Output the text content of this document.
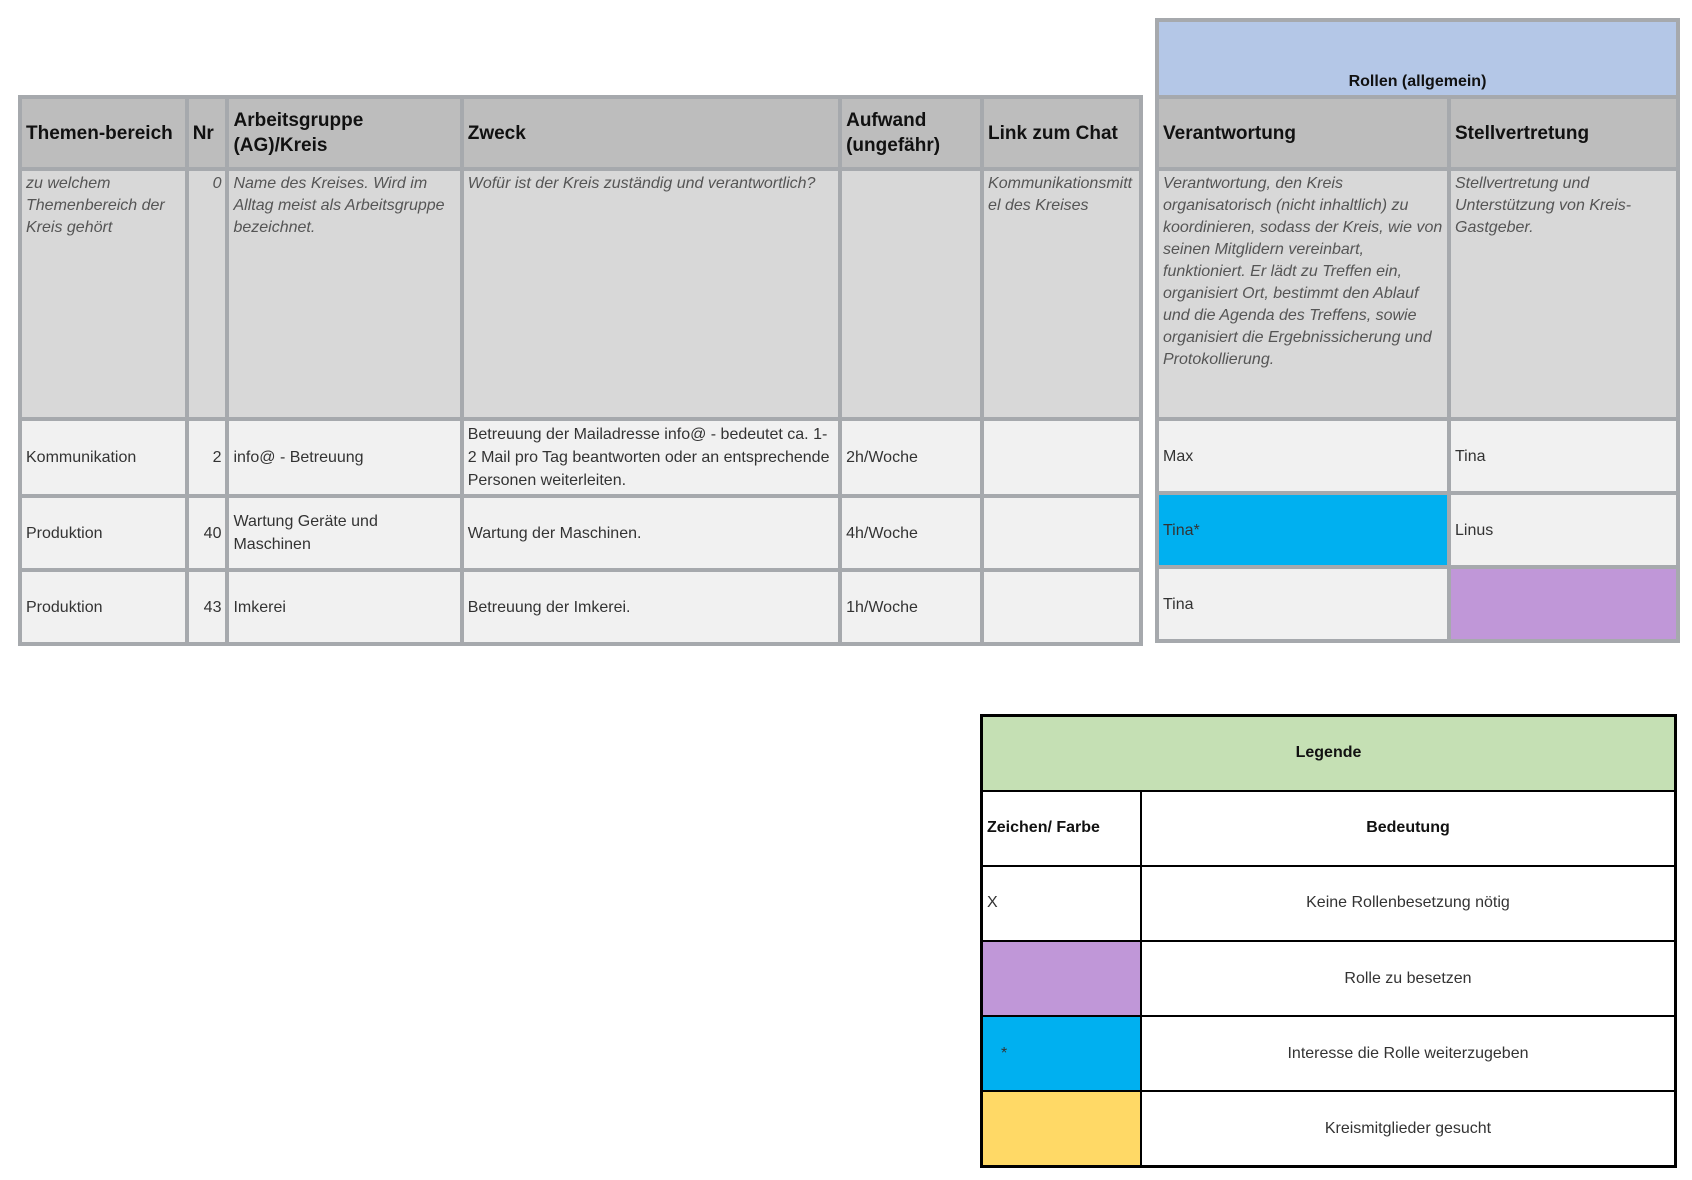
Themen-bereich	Nr	Arbeitsgruppe (AG)/Kreis	Zweck	Aufwand (ungefähr)	Link zum Chat

zu welchem Themenbereich der Kreis gehört	0	Name des Kreises. Wird im Alltag meist als Arbeitsgruppe bezeichnet.	Wofür ist der Kreis zuständig und verantwortlich?		Kommunikationsmittel des Kreises
Kommunikation	2	info@ - Betreuung	Betreuung der Mailadresse info@ - bedeutet ca. 1-2 Mail pro Tag beantworten oder an entsprechende Personen weiterleiten.	2h/Woche	
Produktion	40	Wartung Geräte und Maschinen	Wartung der Maschinen.	4h/Woche	
Produktion	43	Imkerei	Betreuung der Imkerei.	1h/Woche	
Rollen (allgemein)	
Verantwortung	Stellvertretung
Verantwortung, den Kreis organisatorisch (nicht inhaltlich) zu koordinieren, sodass der Kreis, wie von seinen Mitglidern vereinbart, funktioniert. Er lädt zu Treffen ein, organisiert Ort, bestimmt den Ablauf und die Agenda des Treffens, sowie organisiert die Ergebnissicherung und Protokollierung.	Stellvertretung und Unterstützung von Kreis-Gastgeber.
Max	Tina
Tina*	Linus
Tina	
Legende	
Zeichen/ Farbe	Bedeutung
X	Keine Rollenbesetzung nötig
	Rolle zu besetzen
*	Interesse die Rolle weiterzugeben
	Kreismitglieder gesucht
